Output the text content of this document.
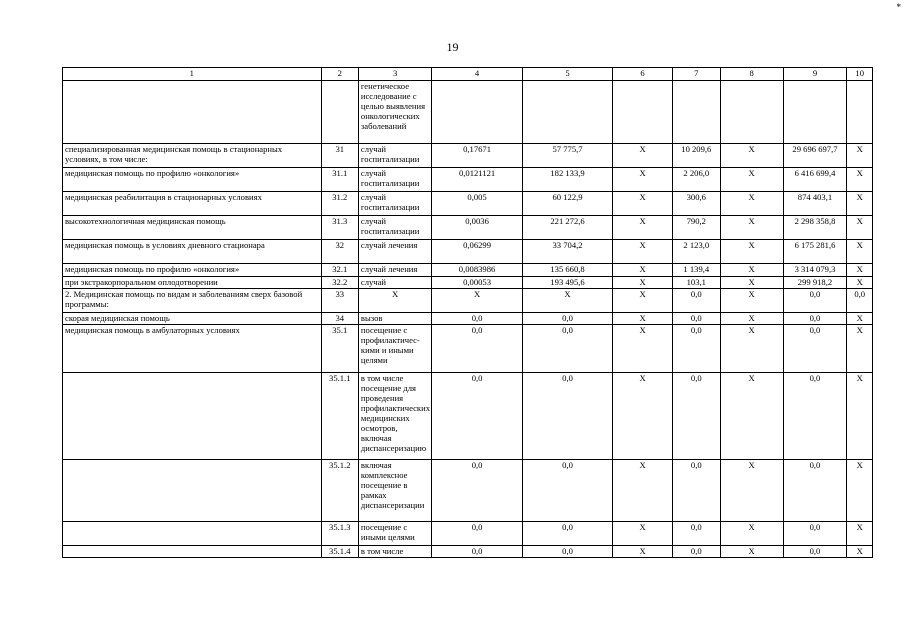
*
19
1	2	3	4	5	6	7	8	9	10
		генетическое исследование с целью выявления онкологических заболеваний							
специализированная медицинская помощь в стационарных условиях, в том числе:	31	случай госпитализации	0,17671	57 775,7	Х	10 209,6	Х	29 696 697,7	Х
медицинская помощь по профилю «онкология»	31.1	случай госпитализации	0,0121121	182 133,9	Х	2 206,0	Х	6 416 699,4	Х
медицинская реабилитация в стационарных условиях	31.2	случай госпитализации	0,005	60 122,9	Х	300,6	Х	874 403,1	Х
высокотехнологичная медицинская помощь	31.3	случай госпитализации	0,0036	221 272,6	Х	790,2	Х	2 298 358,8	Х
медицинская помощь в условиях дневного стационара	32	случай лечения	0,06299	33 704,2	Х	2 123,0	Х	6 175 281,6	Х
медицинская помощь по профилю «онкология»	32.1	случай лечения	0,0083986	135 660,8	Х	1 139,4	Х	3 314 079,3	Х
при экстракорпоральном оплодотворении	32.2	случай	0,00053	193 495,6	Х	103,1	Х	299 918,2	Х
2. Медицинская помощь по видам и заболеваниям сверх базовой программы:	33	Х	Х	Х	Х	0,0	Х	0,0	0,0
скорая медицинская помощь	34	вызов	0,0	0,0	Х	0,0	Х	0,0	Х
медицинская помощь в амбулаторных условиях	35.1	посещение с профилактичес-кими и иными целями	0,0	0,0	Х	0,0	Х	0,0	Х
	35.1.1	в том числе посещение для проведения профилактических медицинских осмотров, включая диспансеризацию	0,0	0,0	Х	0,0	Х	0,0	Х
	35.1.2	включая комплексное посещение в рамках диспансеризации	0,0	0,0	Х	0,0	Х	0,0	Х
	35.1.3	посещение с иными целями	0,0	0,0	Х	0,0	Х	0,0	Х
	35.1.4	в том числе	0,0	0,0	Х	0,0	Х	0,0	Х
